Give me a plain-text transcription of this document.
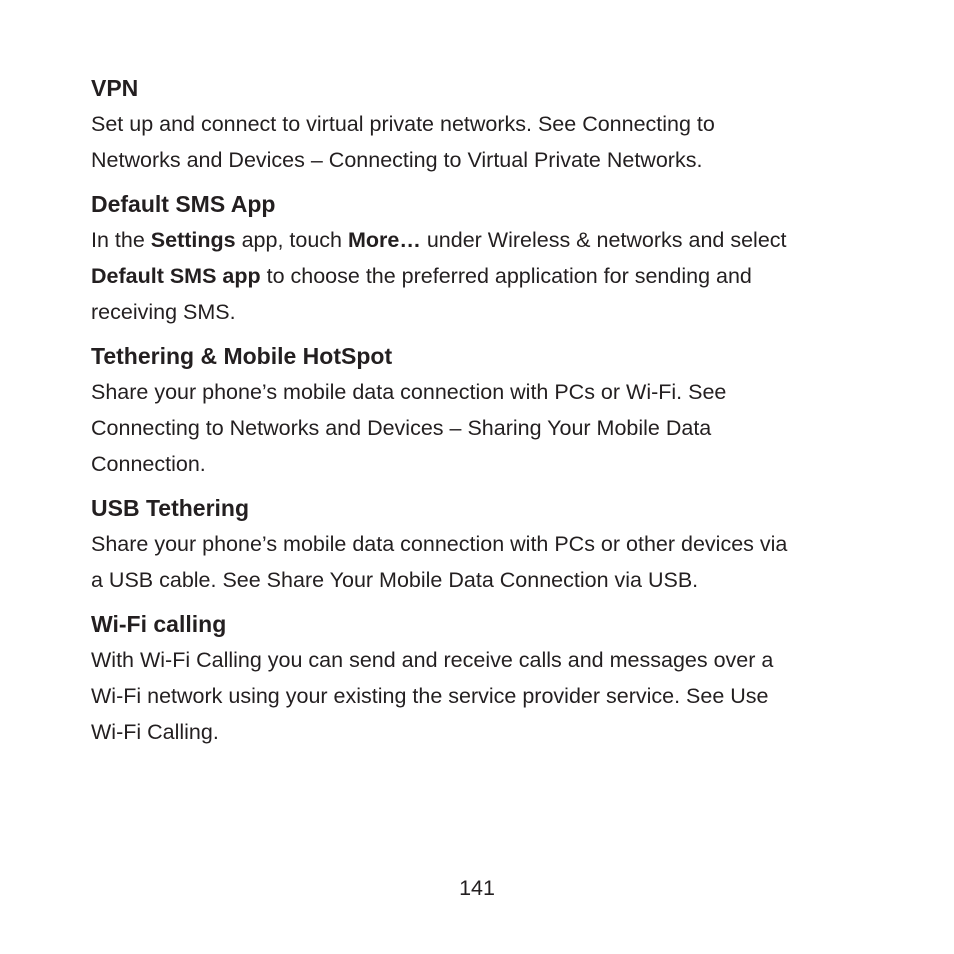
VPN

Set up and connect to virtual private networks. See Connecting to

Networks and Devices – Connecting to Virtual Private Networks.

Default SMS App

In the Settings app, touch More… under Wireless & networks and select

Default SMS app to choose the preferred application for sending and

receiving SMS.

Tethering & Mobile HotSpot

Share your phone’s mobile data connection with PCs or Wi-Fi. See

Connecting to Networks and Devices – Sharing Your Mobile Data

Connection.

USB Tethering

Share your phone’s mobile data connection with PCs or other devices via

a USB cable. See Share Your Mobile Data Connection via USB.

Wi-Fi calling

With Wi-Fi Calling you can send and receive calls and messages over a

Wi-Fi network using your existing the service provider service. See Use

Wi-Fi Calling.

141
